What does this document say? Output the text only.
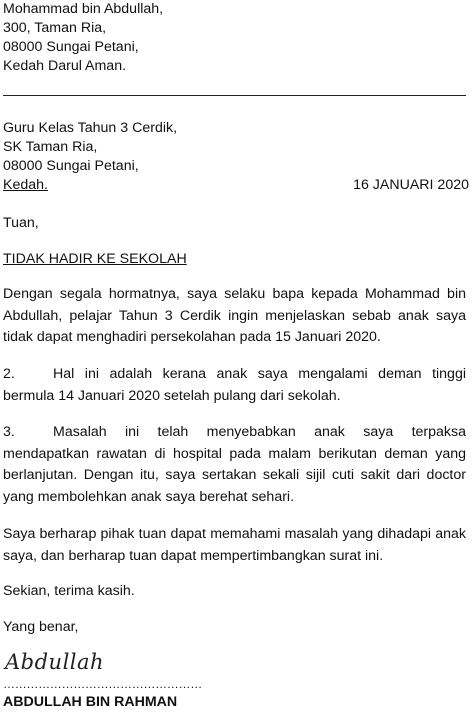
Mohammad bin Abdullah,
300, Taman Ria,
08000 Sungai Petani,
Kedah Darul Aman.
Guru Kelas Tahun 3 Cerdik,
SK Taman Ria,
08000 Sungai Petani,
Kedah.	16 JANUARI 2020
Tuan,
TIDAK HADIR KE SEKOLAH

Dengan segala hormatnya, saya selaku bapa kepada Mohammad bin Abdullah, pelajar Tahun 3 Cerdik ingin menjelaskan sebab anak saya tidak dapat menghadiri persekolahan pada 15 Januari 2020.

2.	Hal ini adalah kerana anak saya mengalami deman tinggi bermula 14 Januari 2020 setelah pulang dari sekolah.

3.	Masalah ini telah menyebabkan anak saya terpaksa mendapatkan rawatan di hospital pada malam berikutan deman yang berlanjutan. Dengan itu, saya sertakan sekali sijil cuti sakit dari doctor yang membolehkan anak saya berehat sehari.

Saya berharap pihak tuan dapat memahami masalah yang dihadapi anak saya, dan berharap tuan dapat mempertimbangkan surat ini.

Sekian, terima kasih.
Yang benar,
Abdullah
……………………………………………
ABDULLAH BIN RAHMAN
